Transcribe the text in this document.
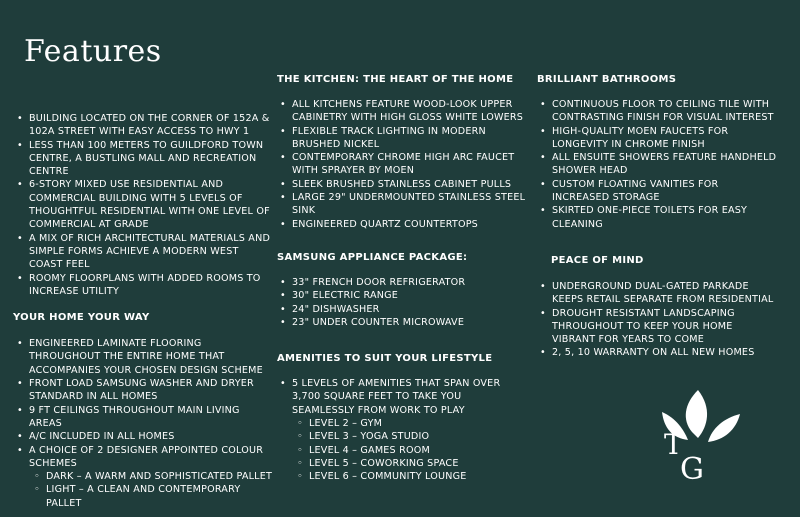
Features
• BUILDING LOCATED ON THE CORNER OF 152A & 102A STREET WITH EASY ACCESS TO HWY 1
• LESS THAN 100 METERS TO GUILDFORD TOWN CENTRE, A BUSTLING MALL AND RECREATION CENTRE
• 6-STORY MIXED USE RESIDENTIAL AND COMMERCIAL BUILDING WITH 5 LEVELS OF THOUGHTFUL RESIDENTIAL WITH ONE LEVEL OF COMMERCIAL AT GRADE
• A MIX OF RICH ARCHITECTURAL MATERIALS AND SIMPLE FORMS ACHIEVE A MODERN WEST COAST FEEL
• ROOMY FLOORPLANS WITH ADDED ROOMS TO INCREASE UTILITY

YOUR HOME YOUR WAY

• ENGINEERED LAMINATE FLOORING THROUGHOUT THE ENTIRE HOME THAT ACCOMPANIES YOUR CHOSEN DESIGN SCHEME
• FRONT LOAD SAMSUNG WASHER AND DRYER STANDARD IN ALL HOMES
• 9 FT CEILINGS THROUGHOUT MAIN LIVING AREAS
• A/C INCLUDED IN ALL HOMES
• A CHOICE OF 2 DESIGNER APPOINTED COLOUR SCHEMES
◦ DARK – A WARM AND SOPHISTICATED PALLET
◦ LIGHT – A CLEAN AND CONTEMPORARY PALLET

THE KITCHEN: THE HEART OF THE HOME

• ALL KITCHENS FEATURE WOOD-LOOK UPPER CABINETRY WITH HIGH GLOSS WHITE LOWERS
• FLEXIBLE TRACK LIGHTING IN MODERN BRUSHED NICKEL
• CONTEMPORARY CHROME HIGH ARC FAUCET WITH SPRAYER BY MOEN
• SLEEK BRUSHED STAINLESS CABINET PULLS
• LARGE 29" UNDERMOUNTED STAINLESS STEEL SINK
• ENGINEERED QUARTZ COUNTERTOPS

SAMSUNG APPLIANCE PACKAGE:

• 33" FRENCH DOOR REFRIGERATOR
• 30" ELECTRIC RANGE
• 24" DISHWASHER
• 23" UNDER COUNTER MICROWAVE

AMENITIES TO SUIT YOUR LIFESTYLE

• 5 LEVELS OF AMENITIES THAT SPAN OVER 3,700 SQUARE FEET TO TAKE YOU SEAMLESSLY FROM WORK TO PLAY
◦ LEVEL 2 – GYM
◦ LEVEL 3 – YOGA STUDIO
◦ LEVEL 4 – GAMES ROOM
◦ LEVEL 5 – COWORKING SPACE
◦ LEVEL 6 – COMMUNITY LOUNGE

BRILLIANT BATHROOMS

• CONTINUOUS FLOOR TO CEILING TILE WITH CONTRASTING FINISH FOR VISUAL INTEREST
• HIGH-QUALITY MOEN FAUCETS FOR LONGEVITY IN CHROME FINISH
• ALL ENSUITE SHOWERS FEATURE HANDHELD SHOWER HEAD
• CUSTOM FLOATING VANITIES FOR INCREASED STORAGE
• SKIRTED ONE-PIECE TOILETS FOR EASY CLEANING

PEACE OF MIND

• UNDERGROUND DUAL-GATED PARKADE KEEPS RETAIL SEPARATE FROM RESIDENTIAL
• DROUGHT RESISTANT LANDSCAPING THROUGHOUT TO KEEP YOUR HOME VIBRANT FOR YEARS TO COME
• 2, 5, 10 WARRANTY ON ALL NEW HOMES
T
G
